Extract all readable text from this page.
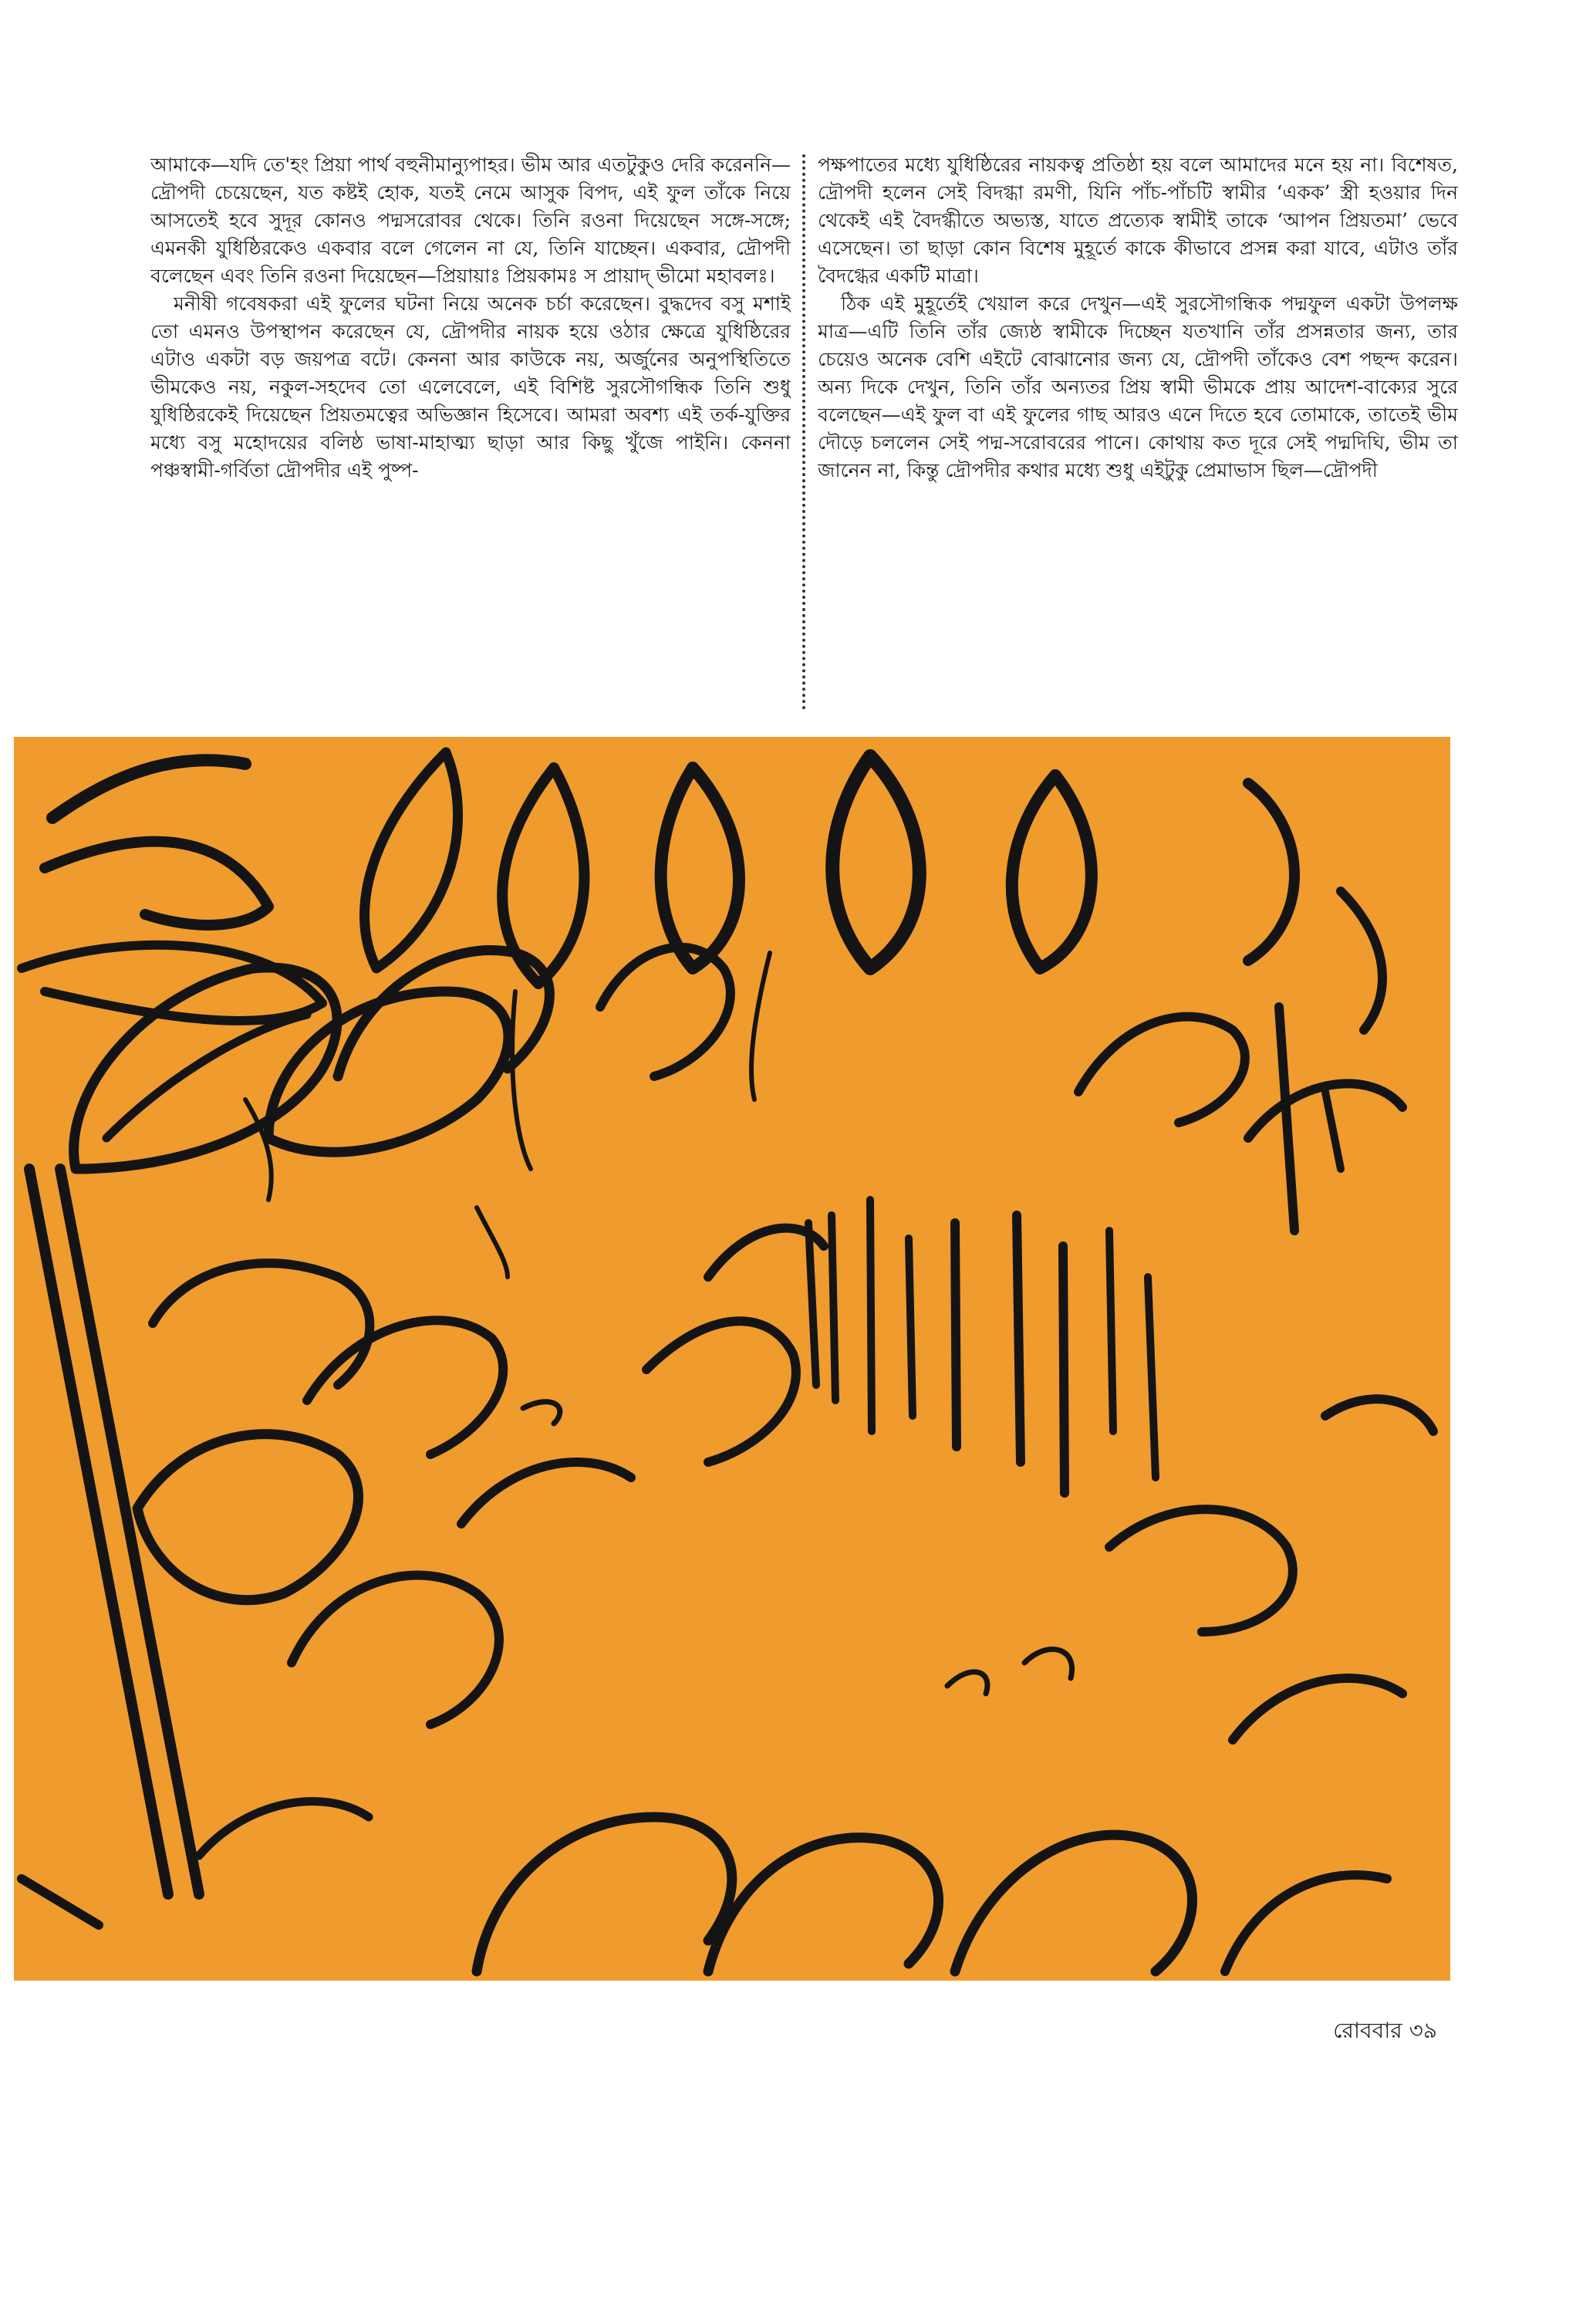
আমাকে—যদি তে'হং প্রিয়া পার্থ বহুনীমান্যুপাহর। ভীম আর এতটুকুও দেরি করেননি—দ্রৌপদী চেয়েছেন, যত কষ্টই হোক, যতই নেমে আসুক বিপদ, এই ফুল তাঁকে নিয়ে আসতেই হবে সুদূর কোনও পদ্মসরোবর থেকে। তিনি রওনা দিয়েছেন সঙ্গে-সঙ্গে; এমনকী যুধিষ্ঠিরকেও একবার বলে গেলেন না যে, তিনি যাচ্ছেন। একবার, দ্রৌপদী বলেছেন এবং তিনি রওনা দিয়েছেন—প্রিয়ায়াঃ প্রিয়কামঃ স প্রায়াদ্ ভীমো মহাবলঃ।

মনীষী গবেষকরা এই ফুলের ঘটনা নিয়ে অনেক চর্চা করেছেন। বুদ্ধদেব বসু মশাই তো এমনও উপস্থাপন করেছেন যে, দ্রৌপদীর নায়ক হয়ে ওঠার ক্ষেত্রে যুধিষ্ঠিরের এটাও একটা বড় জয়পত্র বটে। কেননা আর কাউকে নয়, অর্জুনের অনুপস্থিতিতে ভীমকেও নয়, নকুল-সহদেব তো এলেবেলে, এই বিশিষ্ট সুরসৌগন্ধিক তিনি শুধু যুধিষ্ঠিরকেই দিয়েছেন প্রিয়তমত্বের অভিজ্ঞান হিসেবে। আমরা অবশ্য এই তর্ক-যুক্তির মধ্যে বসু মহোদয়ের বলিষ্ঠ ভাষা-মাহাত্ম্য ছাড়া আর কিছু খুঁজে পাইনি। কেননা পঞ্চস্বামী-গর্বিতা দ্রৌপদীর এই পুষ্প-

পক্ষপাতের মধ্যে যুধিষ্ঠিরের নায়কত্ব প্রতিষ্ঠা হয় বলে আমাদের মনে হয় না। বিশেষত, দ্রৌপদী হলেন সেই বিদগ্ধা রমণী, যিনি পাঁচ-পাঁচটি স্বামীর ‘একক’ স্ত্রী হওয়ার দিন থেকেই এই বৈদগ্ধীতে অভ্যস্ত, যাতে প্রত্যেক স্বামীই তাকে ‘আপন প্রিয়তমা’ ভেবে এসেছেন। তা ছাড়া কোন বিশেষ মুহূর্তে কাকে কীভাবে প্রসন্ন করা যাবে, এটাও তাঁর বৈদগ্ধের একটি মাত্রা।

ঠিক এই মুহূর্তেই খেয়াল করে দেখুন—এই সুরসৌগন্ধিক পদ্মফুল একটা উপলক্ষ মাত্র—এটি তিনি তাঁর জ্যেষ্ঠ স্বামীকে দিচ্ছেন যতখানি তাঁর প্রসন্নতার জন্য, তার চেয়েও অনেক বেশি এইটে বোঝানোর জন্য যে, দ্রৌপদী তাঁকেও বেশ পছন্দ করেন। অন্য দিকে দেখুন, তিনি তাঁর অন্যতর প্রিয় স্বামী ভীমকে প্রায় আদেশ-বাক্যের সুরে বলেছেন—এই ফুল বা এই ফুলের গাছ আরও এনে দিতে হবে তোমাকে, তাতেই ভীম দৌড়ে চললেন সেই পদ্ম-সরোবরের পানে। কোথায় কত দূরে সেই পদ্মদিঘি, ভীম তা জানেন না, কিন্তু দ্রৌপদীর কথার মধ্যে শুধু এইটুকু প্রেমাভাস ছিল—দ্রৌপদী

রোববার ৩৯
